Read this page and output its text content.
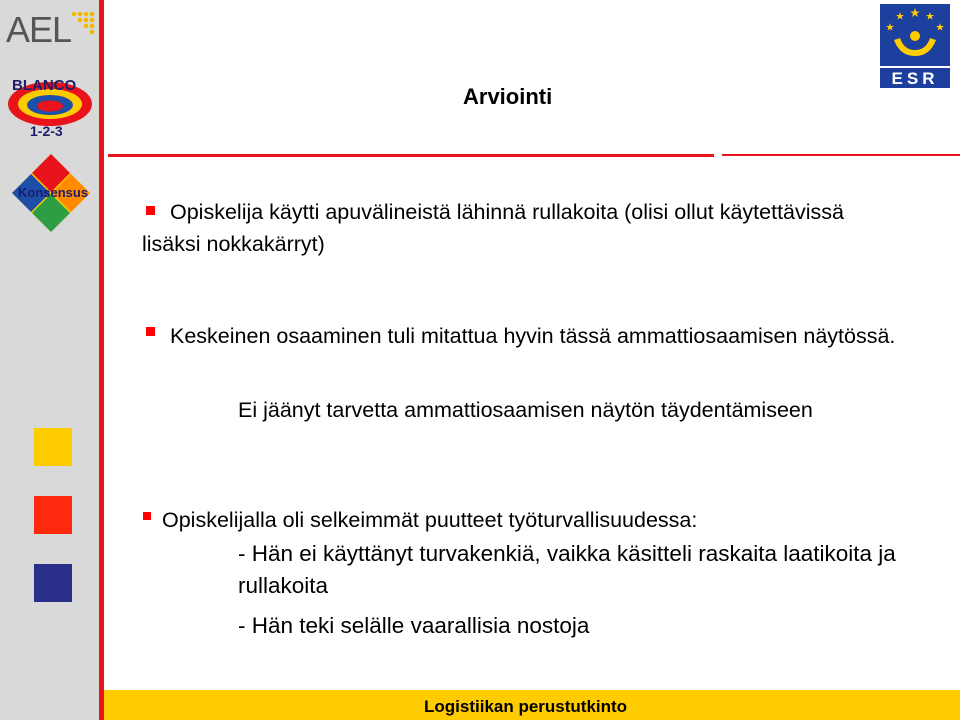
AEL
BLANCO
1-2-3
Konsensus
ESR
Arviointi
Opiskelija käytti apuvälineistä lähinnä rullakoita (olisi ollut käytettävissä lisäksi nokkakärryt)
Keskeinen osaaminen tuli mitattua hyvin tässä ammattiosaamisen näytössä.
Ei jäänyt tarvetta ammattiosaamisen näytön täydentämiseen
Opiskelijalla oli selkeimmät puutteet työturvallisuudessa:
- Hän ei käyttänyt turvakenkiä, vaikka käsitteli raskaita laatikoita ja rullakoita
- Hän teki selälle vaarallisia nostoja
Logistiikan perustutkinto
